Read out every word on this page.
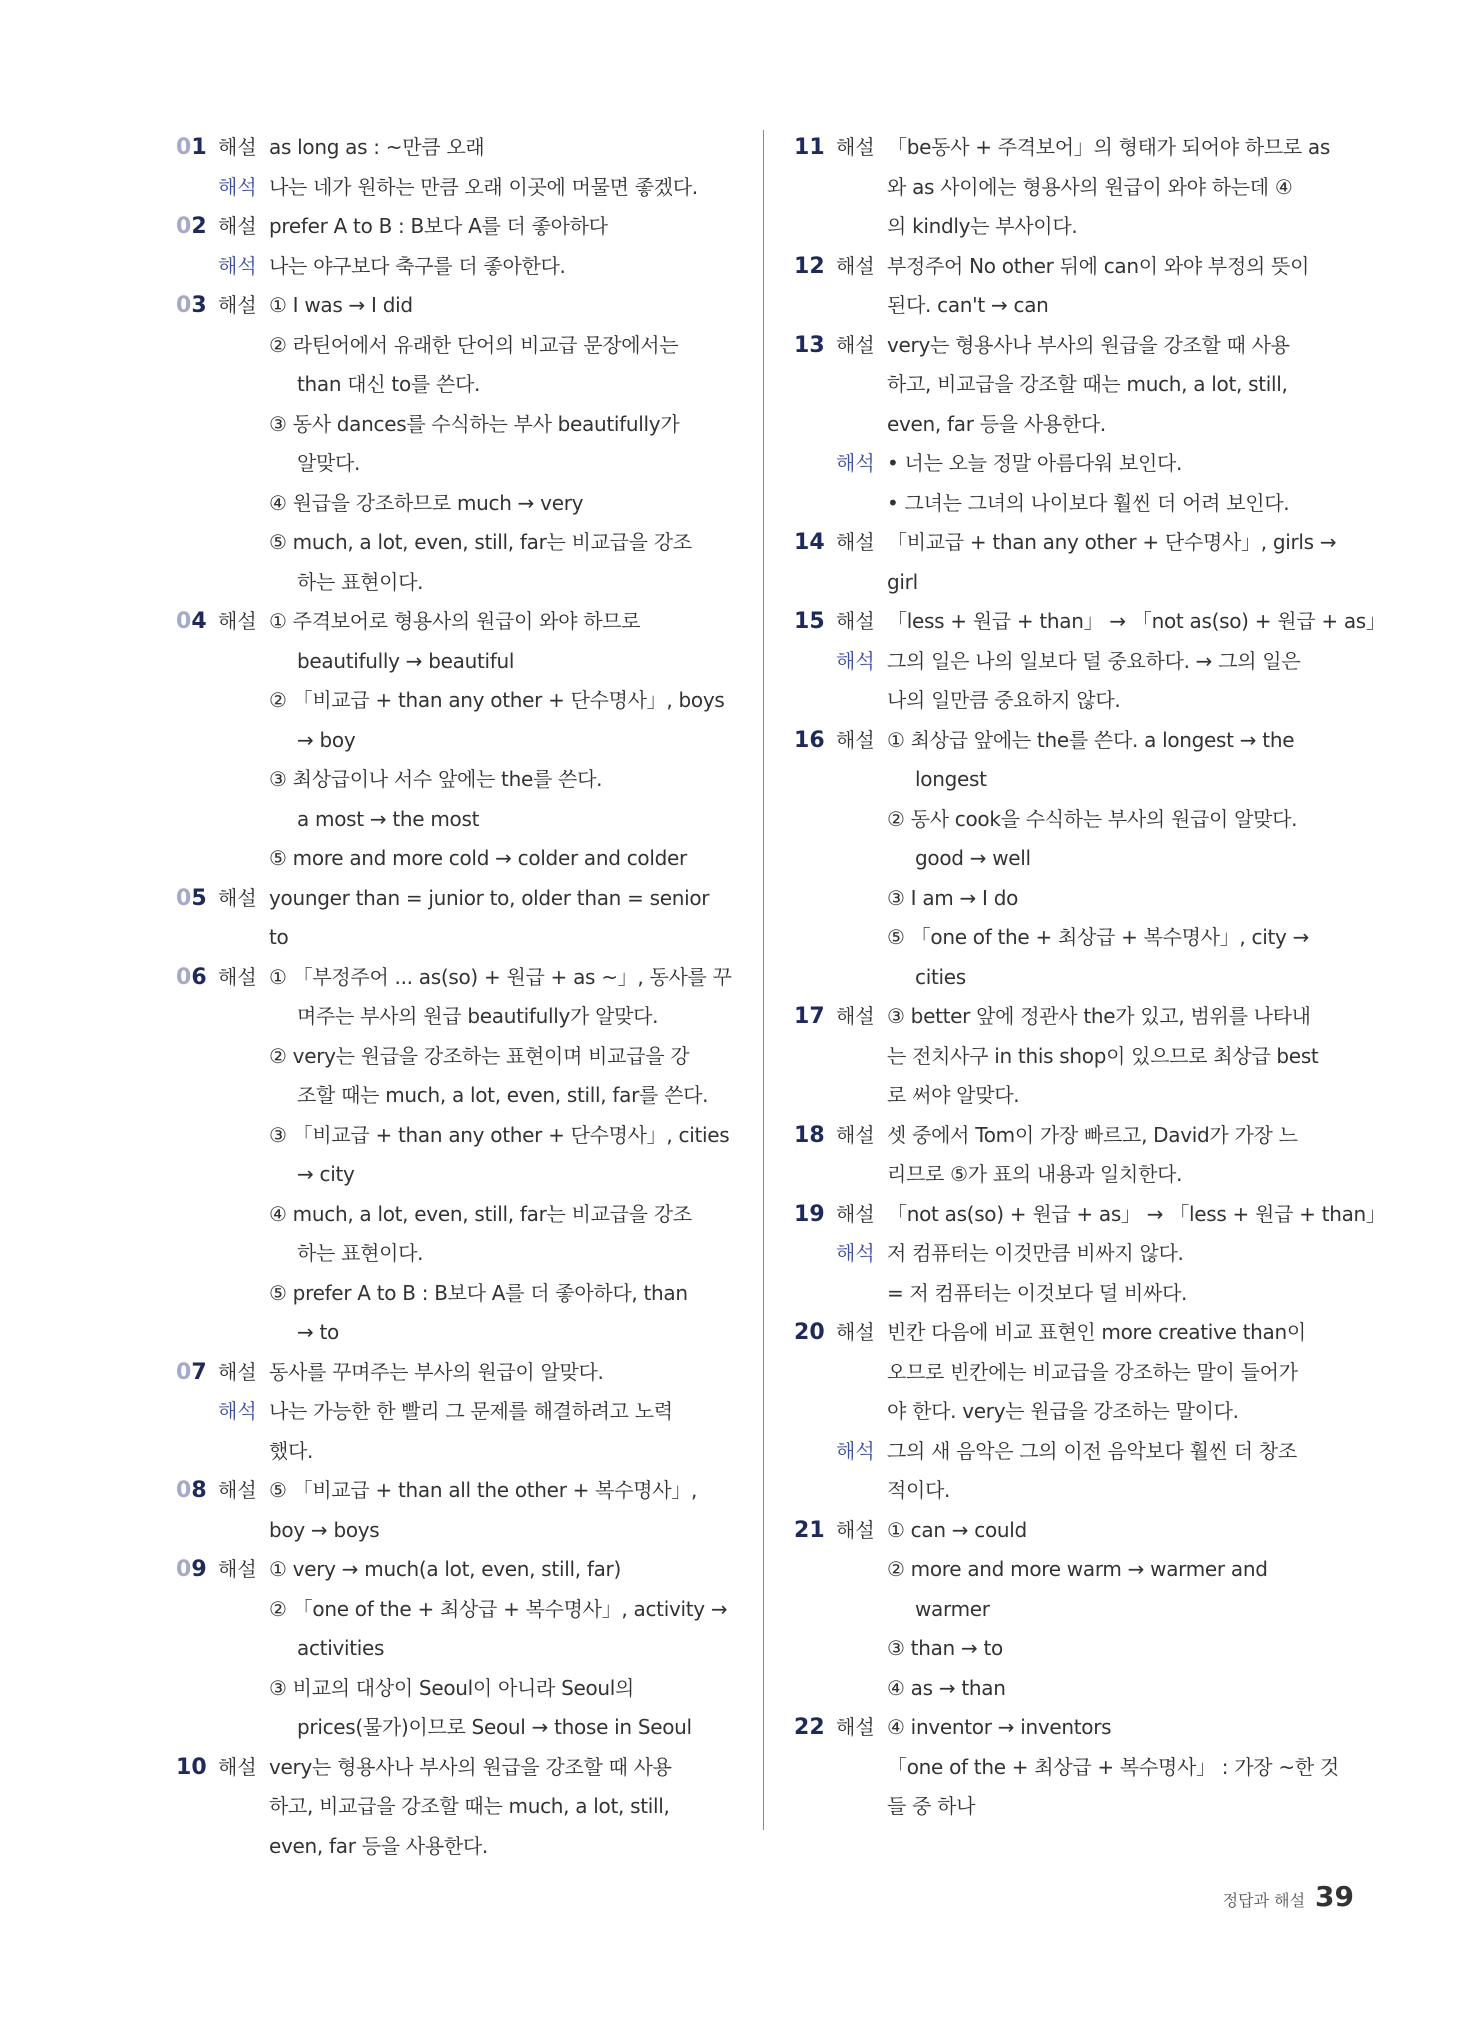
01 해설 as long as : ~만큼 오래
해석 나는 네가 원하는 만큼 오래 이곳에 머물면 좋겠다.
02 해설 prefer A to B : B보다 A를 더 좋아하다
해석 나는 야구보다 축구를 더 좋아한다.
03 해설 ① I was → I did
② 라틴어에서 유래한 단어의 비교급 문장에서는
than 대신 to를 쓴다.
③ 동사 dances를 수식하는 부사 beautifully가
알맞다.
④ 원급을 강조하므로 much → very
⑤ much, a lot, even, still, far는 비교급을 강조
하는 표현이다.
04 해설 ① 주격보어로 형용사의 원급이 와야 하므로
beautifully → beautiful
② 「비교급 + than any other + 단수명사」, boys
→ boy
③ 최상급이나 서수 앞에는 the를 쓴다.
a most → the most
⑤ more and more cold → colder and colder
05 해설 younger than = junior to, older than = senior
to
06 해설 ① 「부정주어 ... as(so) + 원급 + as ~」, 동사를 꾸
며주는 부사의 원급 beautifully가 알맞다.
② very는 원급을 강조하는 표현이며 비교급을 강
조할 때는 much, a lot, even, still, far를 쓴다.
③ 「비교급 + than any other + 단수명사」, cities
→ city
④ much, a lot, even, still, far는 비교급을 강조
하는 표현이다.
⑤ prefer A to B : B보다 A를 더 좋아하다, than
→ to
07 해설 동사를 꾸며주는 부사의 원급이 알맞다.
해석 나는 가능한 한 빨리 그 문제를 해결하려고 노력
했다.
08 해설 ⑤ 「비교급 + than all the other + 복수명사」,
boy → boys
09 해설 ① very → much(a lot, even, still, far)
② 「one of the + 최상급 + 복수명사」, activity →
activities
③ 비교의 대상이 Seoul이 아니라 Seoul의
prices(물가)이므로 Seoul → those in Seoul
10 해설 very는 형용사나 부사의 원급을 강조할 때 사용
하고, 비교급을 강조할 때는 much, a lot, still,
even, far 등을 사용한다.
11 해설 「be동사 + 주격보어」의 형태가 되어야 하므로 as
와 as 사이에는 형용사의 원급이 와야 하는데 ④
의 kindly는 부사이다.
12 해설 부정주어 No other 뒤에 can이 와야 부정의 뜻이
된다. can't → can
13 해설 very는 형용사나 부사의 원급을 강조할 때 사용
하고, 비교급을 강조할 때는 much, a lot, still,
even, far 등을 사용한다.
해석 • 너는 오늘 정말 아름다워 보인다.
• 그녀는 그녀의 나이보다 훨씬 더 어려 보인다.
14 해설 「비교급 + than any other + 단수명사」, girls →
girl
15 해설 「less + 원급 + than」 → 「not as(so) + 원급 + as」
해석 그의 일은 나의 일보다 덜 중요하다. → 그의 일은
나의 일만큼 중요하지 않다.
16 해설 ① 최상급 앞에는 the를 쓴다. a longest → the
longest
② 동사 cook을 수식하는 부사의 원급이 알맞다.
good → well
③ I am → I do
⑤ 「one of the + 최상급 + 복수명사」, city →
cities
17 해설 ③ better 앞에 정관사 the가 있고, 범위를 나타내
는 전치사구 in this shop이 있으므로 최상급 best
로 써야 알맞다.
18 해설 셋 중에서 Tom이 가장 빠르고, David가 가장 느
리므로 ⑤가 표의 내용과 일치한다.
19 해설 「not as(so) + 원급 + as」 → 「less + 원급 + than」
해석 저 컴퓨터는 이것만큼 비싸지 않다.
= 저 컴퓨터는 이것보다 덜 비싸다.
20 해설 빈칸 다음에 비교 표현인 more creative than이
오므로 빈칸에는 비교급을 강조하는 말이 들어가
야 한다. very는 원급을 강조하는 말이다.
해석 그의 새 음악은 그의 이전 음악보다 훨씬 더 창조
적이다.
21 해설 ① can → could
② more and more warm → warmer and
warmer
③ than → to
④ as → than
22 해설 ④ inventor → inventors
「one of the + 최상급 + 복수명사」 : 가장 ~한 것
들 중 하나
정답과 해설 39
